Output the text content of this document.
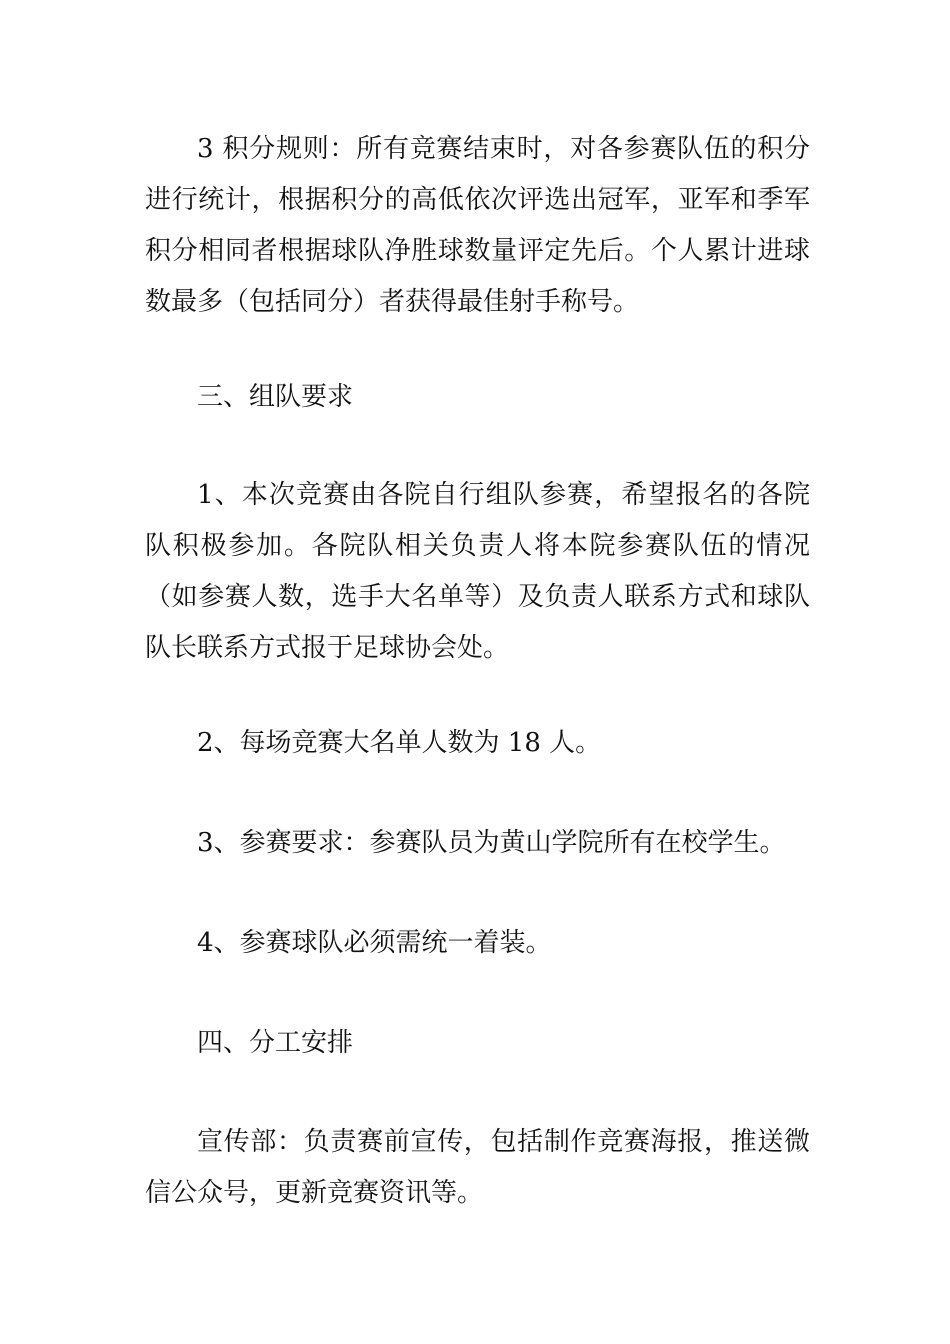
3 积分规则：所有竞赛结束时，对各参赛队伍的积分进行统计，根据积分的高低依次评选出冠军，亚军和季军积分相同者根据球队净胜球数量评定先后。个人累计进球数最多（包括同分）者获得最佳射手称号。

三、组队要求

1、本次竞赛由各院自行组队参赛，希望报名的各院队积极参加。各院队相关负责人将本院参赛队伍的情况（如参赛人数，选手大名单等）及负责人联系方式和球队队长联系方式报于足球协会处。

2、每场竞赛大名单人数为 18 人。

3、参赛要求：参赛队员为黄山学院所有在校学生。

4、参赛球队必须需统一着装。

四、分工安排

宣传部：负责赛前宣传，包括制作竞赛海报，推送微信公众号，更新竞赛资讯等。
